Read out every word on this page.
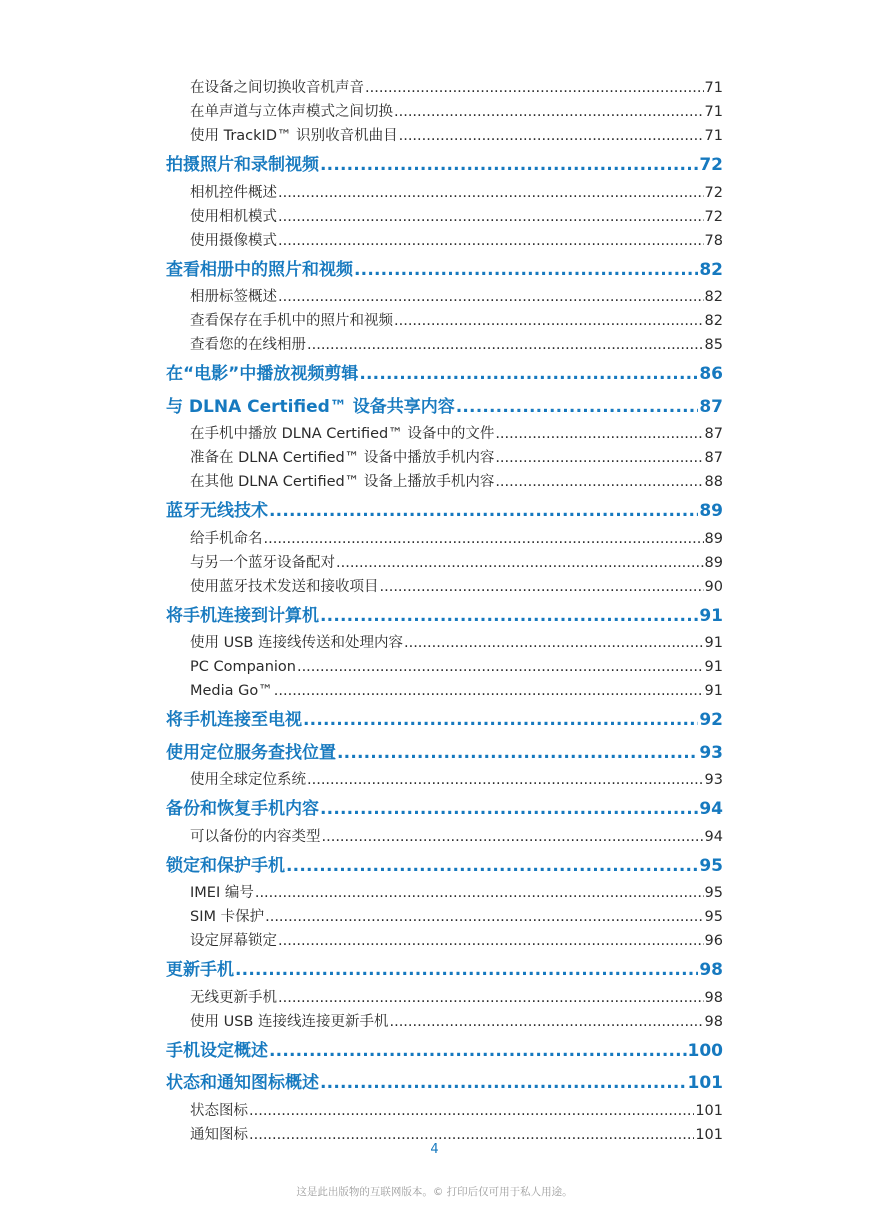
在设备之间切换收音机声音 .....	71
在单声道与立体声模式之间切换 .....	71
使用 TrackID™ 识别收音机曲目 .....	71
拍摄照片和录制视频 .....	72
相机控件概述 .....	72
使用相机模式 .....	72
使用摄像模式 .....	78
查看相册中的照片和视频 .....	82
相册标签概述 .....	82
查看保存在手机中的照片和视频 .....	82
查看您的在线相册 .....	85
在“电影”中播放视频剪辑 .....	86
与 DLNA Certified™ 设备共享内容 .....	87
在手机中播放 DLNA Certified™ 设备中的文件 .....	87
准备在 DLNA Certified™ 设备中播放手机内容 .....	87
在其他 DLNA Certified™ 设备上播放手机内容 .....	88
蓝牙无线技术 .....	89
给手机命名 .....	89
与另一个蓝牙设备配对 .....	89
使用蓝牙技术发送和接收项目 .....	90
将手机连接到计算机 .....	91
使用 USB 连接线传送和处理内容 .....	91
PC Companion .....	91
Media Go™ .....	91
将手机连接至电视 .....	92
使用定位服务查找位置 .....	93
使用全球定位系统 .....	93
备份和恢复手机内容 .....	94
可以备份的内容类型 .....	94
锁定和保护手机 .....	95
IMEI 编号 .....	95
SIM 卡保护 .....	95
设定屏幕锁定 .....	96
更新手机 .....	98
无线更新手机 .....	98
使用 USB 连接线连接更新手机 .....	98
手机设定概述 .....	100
状态和通知图标概述 .....	101
状态图标 .....	101
通知图标 .....	101
4
这是此出版物的互联网版本。© 打印后仅可用于私人用途。
